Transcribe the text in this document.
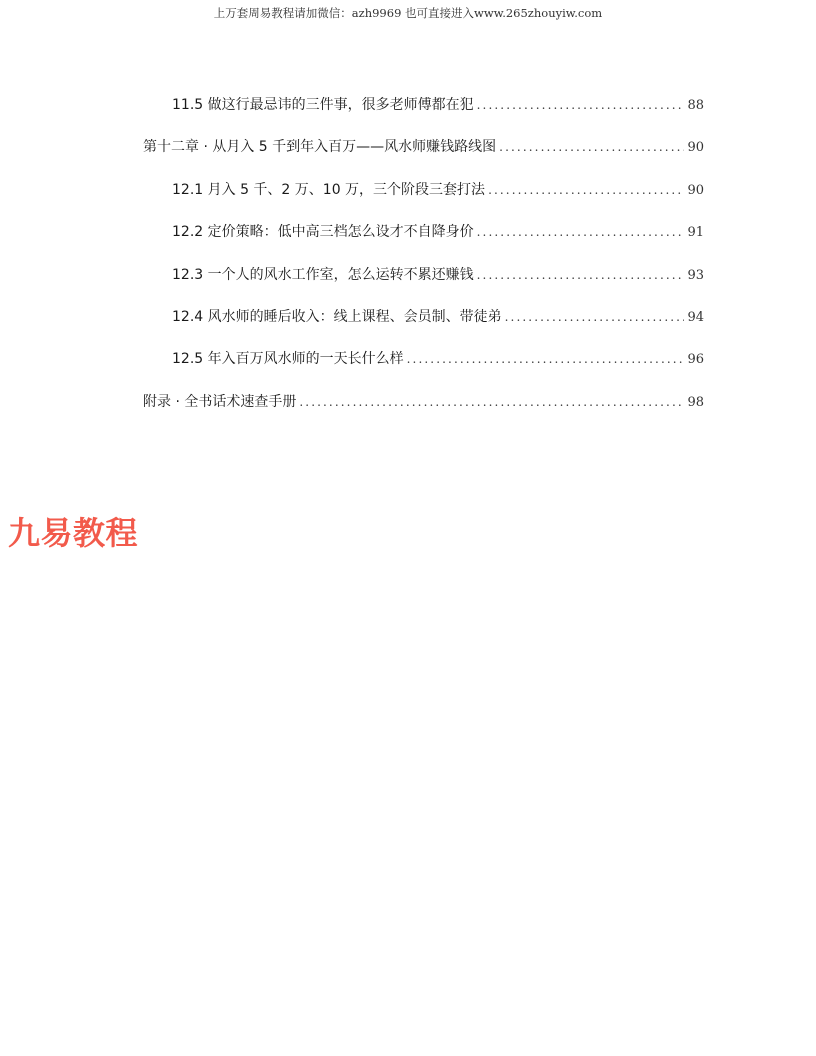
上万套周易教程请加微信：azh9969 也可直接进入www.265zhouyiw.com
11.5 做这行最忌讳的三件事，很多老师傅都在犯 .....	88
第十二章 · 从月入 5 千到年入百万——风水师赚钱路线图 .....	90
12.1 月入 5 千、2 万、10 万，三个阶段三套打法 .....	90
12.2 定价策略：低中高三档怎么设才不自降身价 .....	91
12.3 一个人的风水工作室，怎么运转不累还赚钱 .....	93
12.4 风水师的睡后收入：线上课程、会员制、带徒弟 .....	94
12.5 年入百万风水师的一天长什么样 .....	96
附录 · 全书话术速查手册 .....	98
九易教程
